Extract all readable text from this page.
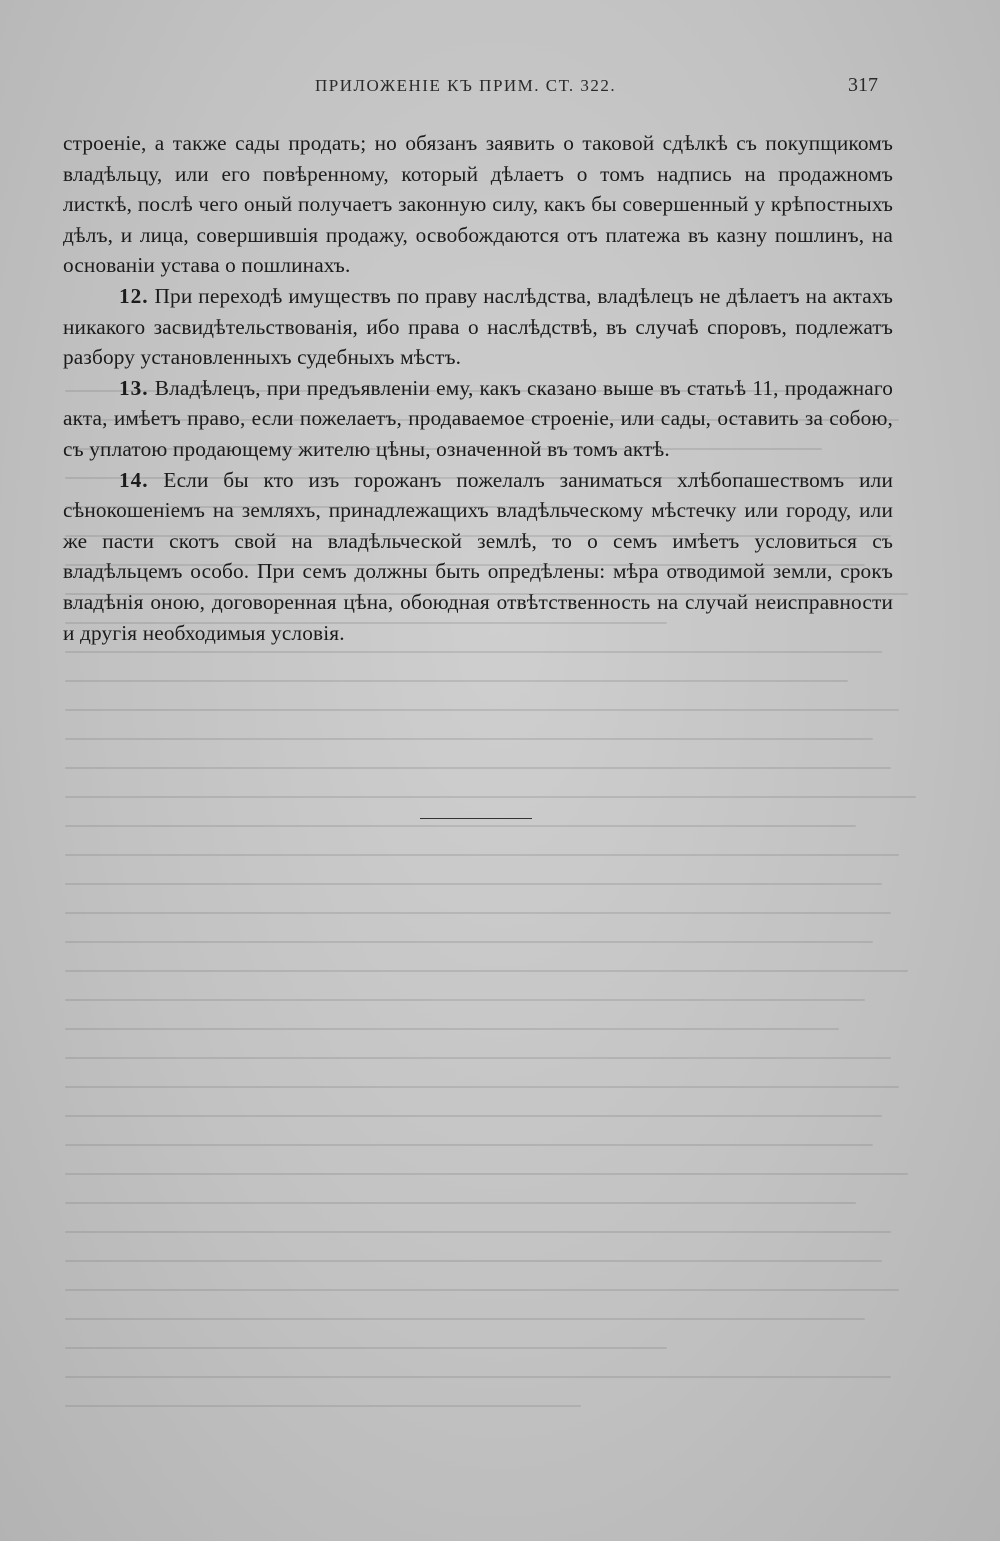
ПРИЛОЖЕНІЕ КЪ ПРИМ. СТ. 322.	317

строеніе, а также сады продать; но обязанъ заявить о таковой сдѣлкѣ съ покупщикомъ владѣльцу, или его повѣренному, который дѣлаетъ о томъ надпись на продажномъ листкѣ, послѣ чего оный получаетъ законную силу, какъ бы совершенный у крѣпостныхъ дѣлъ, и лица, совершившія продажу, освобождаются отъ платежа въ казну пошлинъ, на основаніи устава о пошлинахъ.

12. При переходѣ имуществъ по праву наслѣдства, владѣлецъ не дѣлаетъ на актахъ никакого засвидѣтельствованія, ибо права о наслѣдствѣ, въ случаѣ споровъ, подлежатъ разбору установленныхъ судебныхъ мѣстъ.

13. Владѣлецъ, при предъявленіи ему, какъ сказано выше въ статьѣ 11, продажнаго акта, имѣетъ право, если пожелаетъ, продаваемое строеніе, или сады, оставить за собою, съ уплатою продающему жителю цѣны, означенной въ томъ актѣ.

14. Если бы кто изъ горожанъ пожелалъ заниматься хлѣбопашествомъ или сѣнокошеніемъ на земляхъ, принадлежащихъ владѣльческому мѣстечку или городу, или же пасти скотъ свой на владѣльческой землѣ, то о семъ имѣетъ условиться съ владѣльцемъ особо. При семъ должны быть опредѣлены: мѣра отводимой земли, срокъ владѣнія оною, договоренная цѣна, обоюдная отвѣтственность на случай неисправности и другія необходимыя условія.
